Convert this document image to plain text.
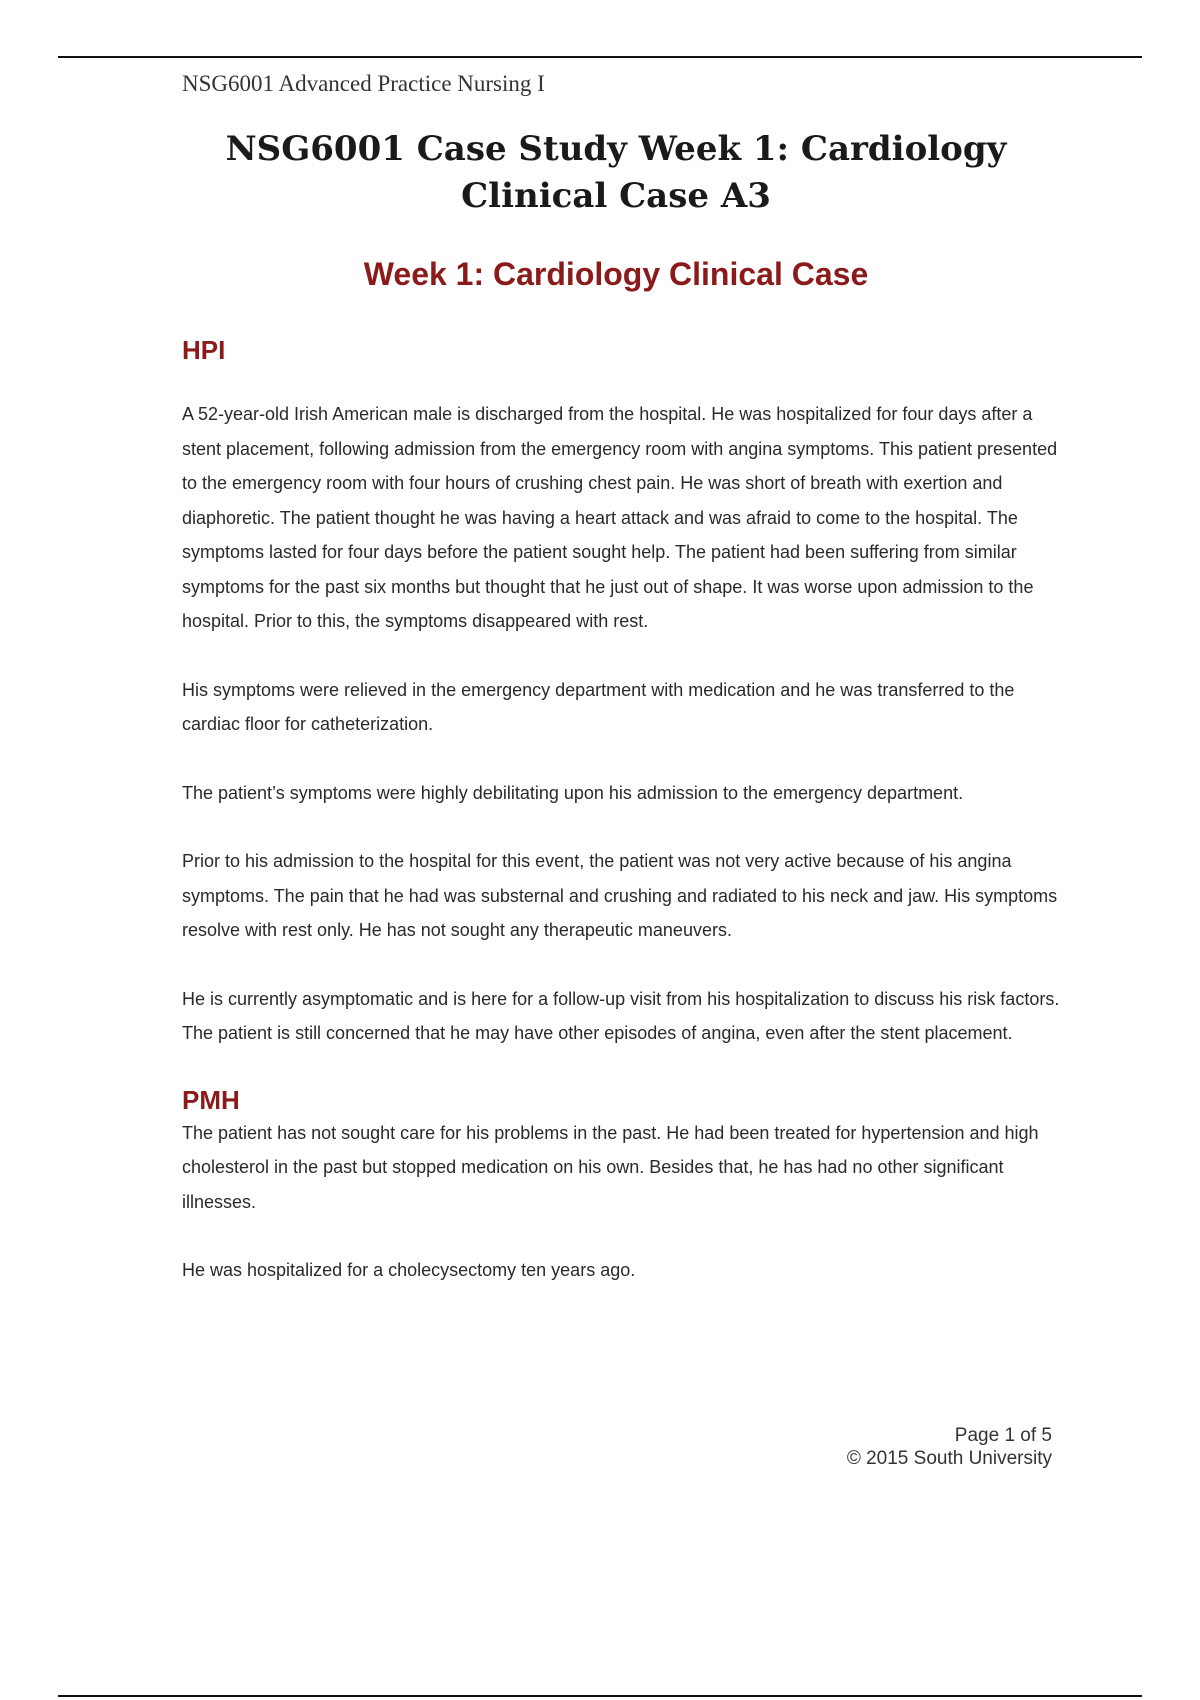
NSG6001 Advanced Practice Nursing I
NSG6001 Case Study Week 1: Cardiology
Clinical Case A3
Week 1: Cardiology Clinical Case
HPI

A 52-year-old Irish American male is discharged from the hospital. He was hospitalized for four days after a stent placement, following admission from the emergency room with angina symptoms. This patient presented to the emergency room with four hours of crushing chest pain. He was short of breath with exertion and diaphoretic. The patient thought he was having a heart attack and was afraid to come to the hospital. The symptoms lasted for four days before the patient sought help. The patient had been suffering from similar symptoms for the past six months but thought that he just out of shape. It was worse upon admission to the hospital. Prior to this, the symptoms disappeared with rest.

His symptoms were relieved in the emergency department with medication and he was transferred to the cardiac floor for catheterization.

The patient’s symptoms were highly debilitating upon his admission to the emergency department.

Prior to his admission to the hospital for this event, the patient was not very active because of his angina symptoms. The pain that he had was substernal and crushing and radiated to his neck and jaw. His symptoms resolve with rest only. He has not sought any therapeutic maneuvers.

He is currently asymptomatic and is here for a follow-up visit from his hospitalization to discuss his risk factors. The patient is still concerned that he may have other episodes of angina, even after the stent placement.

PMH

The patient has not sought care for his problems in the past. He had been treated for hypertension and high cholesterol in the past but stopped medication on his own. Besides that, he has had no other significant illnesses.

He was hospitalized for a cholecysectomy ten years ago.

Page 1 of 5
© 2015 South University
